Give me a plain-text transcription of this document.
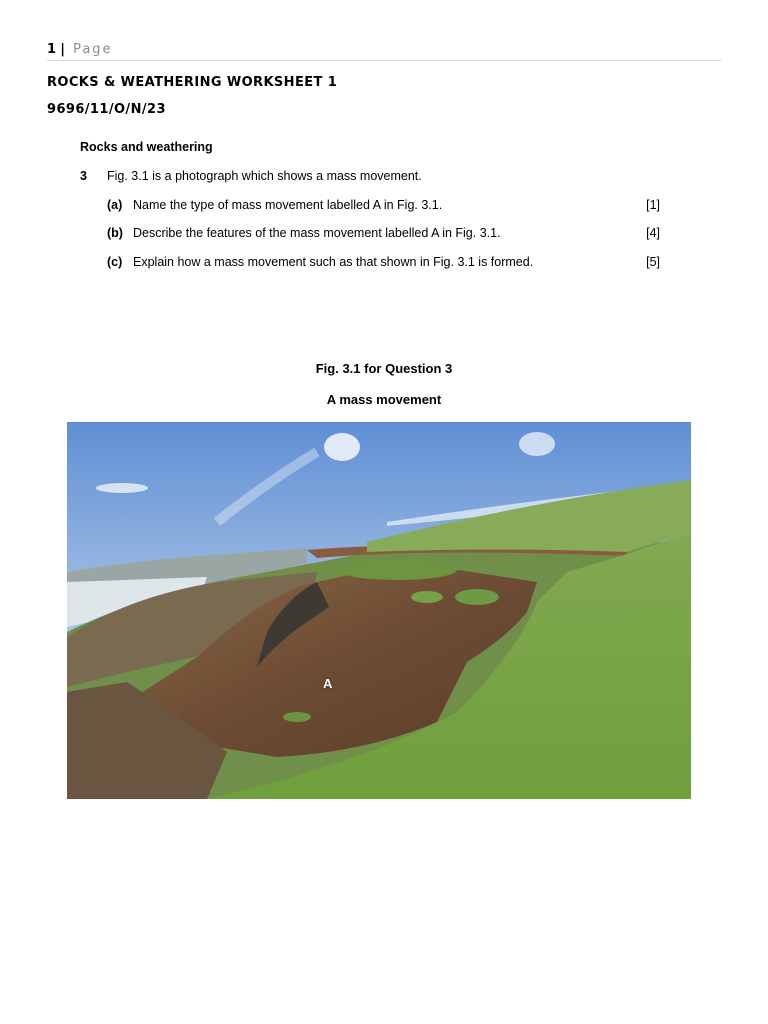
1 | Page
ROCKS & WEATHERING WORKSHEET 1
9696/11/O/N/23
Rocks and weathering
3 Fig. 3.1 is a photograph which shows a mass movement.
(a) Name the type of mass movement labelled A in Fig. 3.1.	[1]
(b) Describe the features of the mass movement labelled A in Fig. 3.1.	[4]
(c) Explain how a mass movement such as that shown in Fig. 3.1 is formed.	[5]
Fig. 3.1 for Question 3
A mass movement
A
